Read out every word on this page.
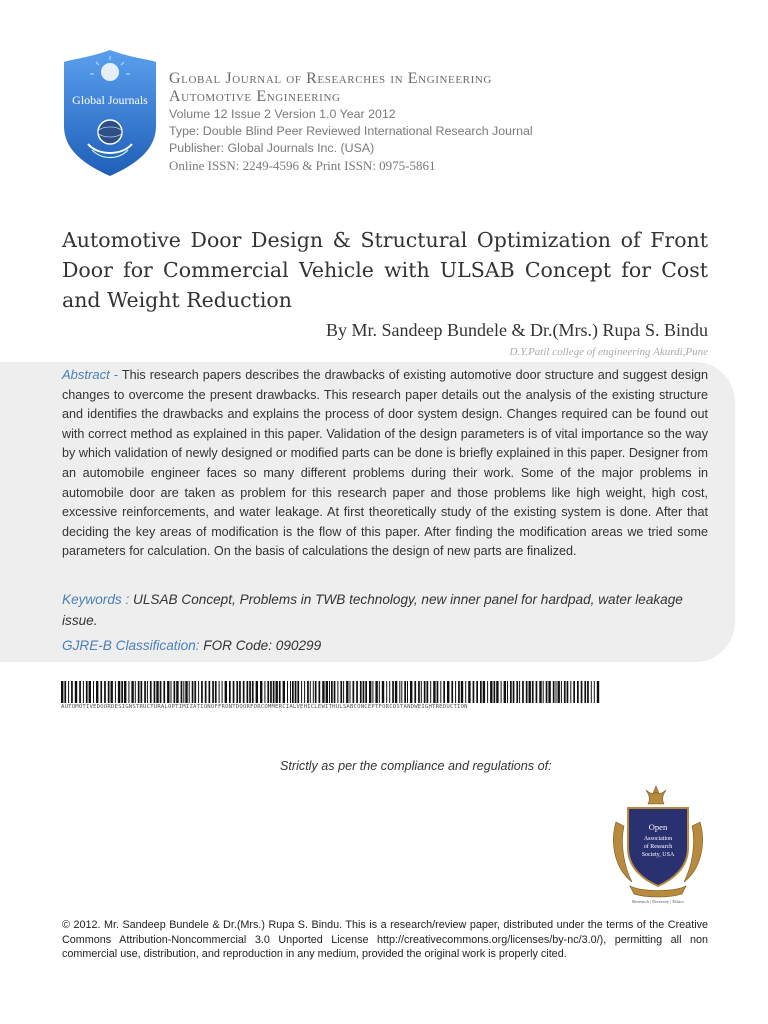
Global Journals
Global Journal of Researches in Engineering
Automotive Engineering
Volume 12 Issue 2 Version 1.0 Year 2012
Type: Double Blind Peer Reviewed International Research Journal
Publisher: Global Journals Inc. (USA)
Online ISSN: 2249-4596 & Print ISSN: 0975-5861
Automotive Door Design & Structural Optimization of Front Door for Commercial Vehicle with ULSAB Concept for Cost and Weight Reduction
By Mr. Sandeep Bundele & Dr.(Mrs.) Rupa S. Bindu
D.Y.Patil college of engineering Akurdi,Pune
Abstract - This research papers describes the drawbacks of existing automotive door structure and suggest design changes to overcome the present drawbacks. This research paper details out the analysis of the existing structure and identifies the drawbacks and explains the process of door system design. Changes required can be found out with correct method as explained in this paper. Validation of the design parameters is of vital importance so the way by which validation of newly designed or modified parts can be done is briefly explained in this paper. Designer from an automobile engineer faces so many different problems during their work. Some of the major problems in automobile door are taken as problem for this research paper and those problems like high weight, high cost, excessive reinforcements, and water leakage. At first theoretically study of the existing system is done. After that deciding the key areas of modification is the flow of this paper. After finding the modification areas we tried some parameters for calculation. On the basis of calculations the design of new parts are finalized.
Keywords : ULSAB Concept, Problems in TWB technology, new inner panel for hardpad, water leakage issue.
GJRE-B Classification: FOR Code: 090299
AUTOMOTIVEDOORDESIGNSTRUCTURALOPTIMIZATIONOFFRONTDOORFORCOMMERCIALVEHICLEWITHULSABCONCEPTFORCOSTANDWEIGHTREDUCTION
Strictly as per the compliance and regulations of:
Open
Association
of Research
Society, USA
Research | Diversity | Ethics
© 2012. Mr. Sandeep Bundele & Dr.(Mrs.) Rupa S. Bindu. This is a research/review paper, distributed under the terms of the Creative Commons Attribution-Noncommercial 3.0 Unported License http://creativecommons.org/licenses/by-nc/3.0/), permitting all non commercial use, distribution, and reproduction in any medium, provided the original work is properly cited.
